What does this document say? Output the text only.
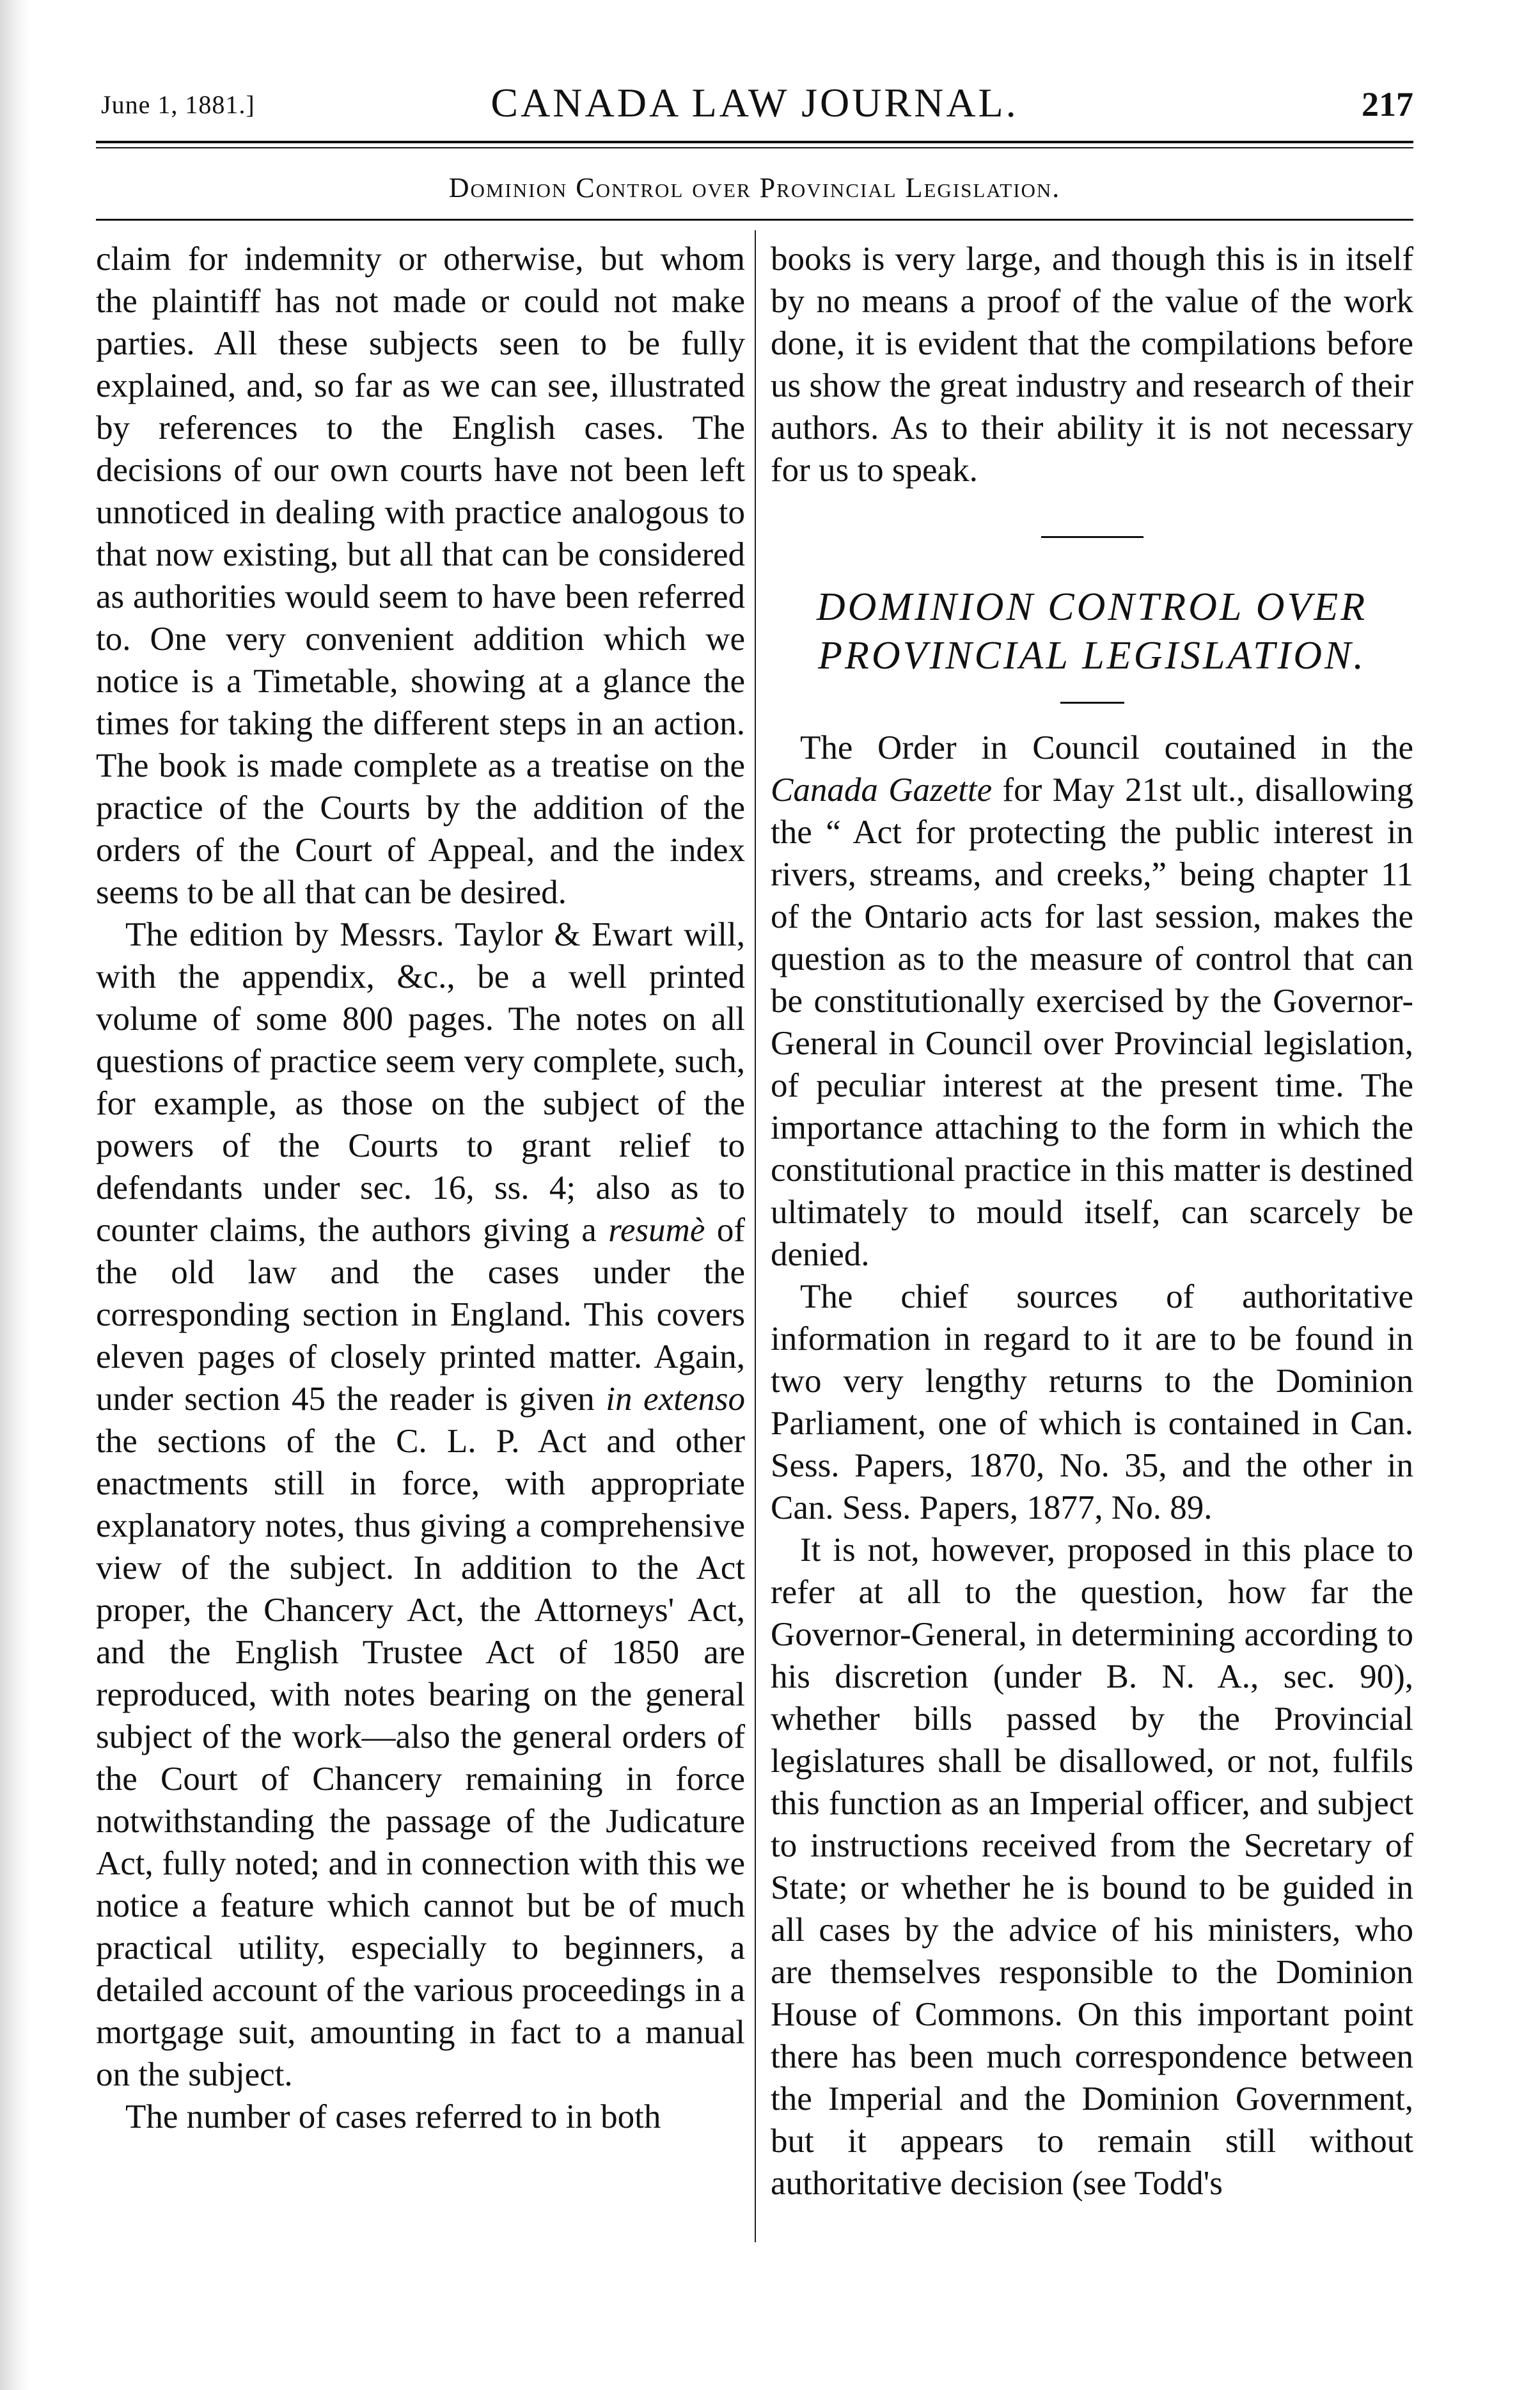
June 1, 1881.]	CANADA LAW JOURNAL.	217
Dominion Control over Provincial Legislation.

claim for indemnity or otherwise, but whom the plaintiff has not made or could not make parties. All these subjects seen to be fully explained, and, so far as we can see, illustrated by references to the English cases. The decisions of our own courts have not been left unnoticed in dealing with practice analogous to that now existing, but all that can be considered as authorities would seem to have been referred to. One very convenient addition which we notice is a Timetable, showing at a glance the times for taking the different steps in an action. The book is made complete as a treatise on the practice of the Courts by the addition of the orders of the Court of Appeal, and the index seems to be all that can be desired.

The edition by Messrs. Taylor & Ewart will, with the appendix, &c., be a well printed volume of some 800 pages. The notes on all questions of practice seem very complete, such, for example, as those on the subject of the powers of the Courts to grant relief to defendants under sec. 16, ss. 4; also as to counter claims, the authors giving a resumè of the old law and the cases under the corresponding section in England. This covers eleven pages of closely printed matter. Again, under section 45 the reader is given in extenso the sections of the C. L. P. Act and other enactments still in force, with appropriate explanatory notes, thus giving a comprehensive view of the subject. In addition to the Act proper, the Chancery Act, the Attorneys' Act, and the English Trustee Act of 1850 are reproduced, with notes bearing on the general subject of the work—also the general orders of the Court of Chancery remaining in force notwithstanding the passage of the Judicature Act, fully noted; and in connection with this we notice a feature which cannot but be of much practical utility, especially to beginners, a detailed account of the various proceedings in a mortgage suit, amounting in fact to a manual on the subject.

The number of cases referred to in both

books is very large, and though this is in itself by no means a proof of the value of the work done, it is evident that the compilations before us show the great industry and research of their authors. As to their ability it is not necessary for us to speak.

DOMINION CONTROL OVER
PROVINCIAL LEGISLATION.

The Order in Council coutained in the Canada Gazette for May 21st ult., disallowing the “ Act for protecting the public interest in rivers, streams, and creeks,” being chapter 11 of the Ontario acts for last session, makes the question as to the measure of control that can be constitutionally exercised by the Governor-General in Council over Provincial legislation, of peculiar interest at the present time. The importance attaching to the form in which the constitutional practice in this matter is destined ultimately to mould itself, can scarcely be denied.

The chief sources of authoritative information in regard to it are to be found in two very lengthy returns to the Dominion Parliament, one of which is contained in Can. Sess. Papers, 1870, No. 35, and the other in Can. Sess. Papers, 1877, No. 89.

It is not, however, proposed in this place to refer at all to the question, how far the Governor-General, in determining according to his discretion (under B. N. A., sec. 90), whether bills passed by the Provincial legislatures shall be disallowed, or not, fulfils this function as an Imperial officer, and subject to instructions received from the Secretary of State; or whether he is bound to be guided in all cases by the advice of his ministers, who are themselves responsible to the Dominion House of Commons. On this important point there has been much correspondence between the Imperial and the Dominion Government, but it appears to remain still without authoritative decision (see Todd's
